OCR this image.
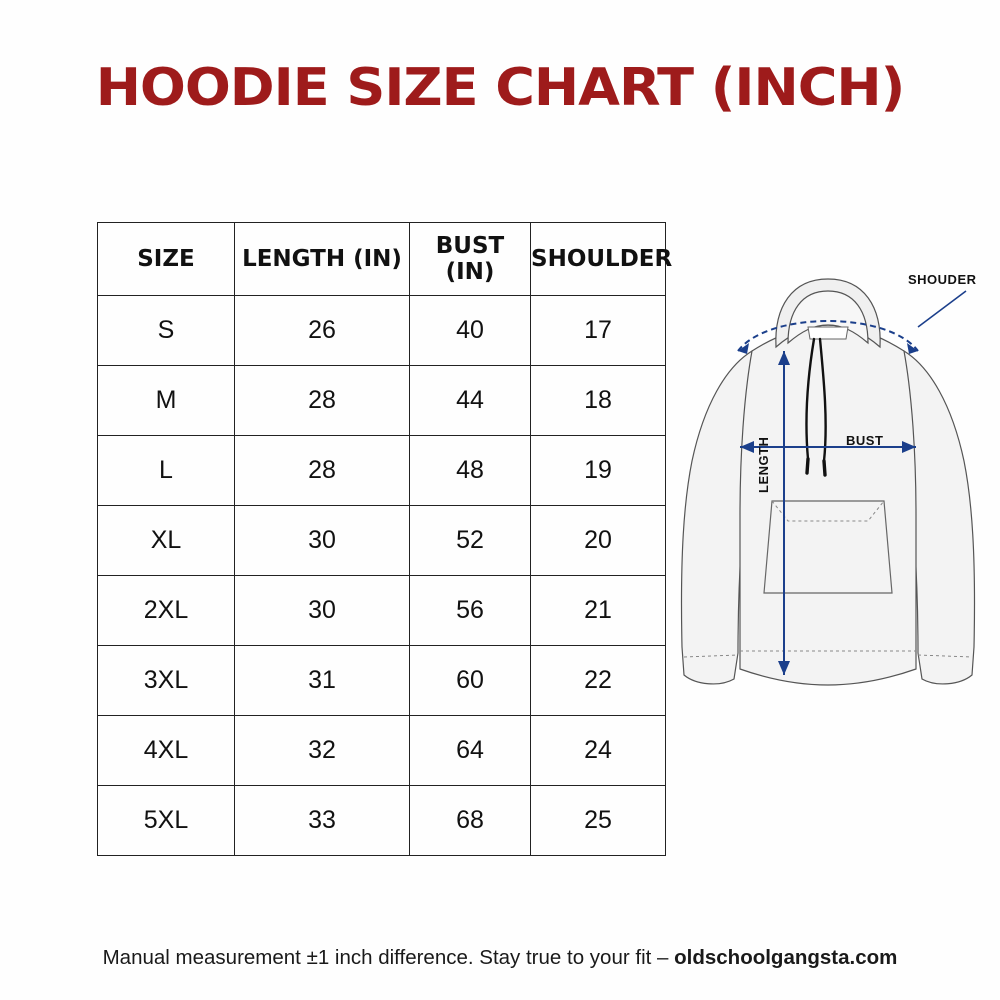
HOODIE SIZE CHART (INCH)
SIZE	LENGTH (IN)	BUST (IN)	SHOULDER
S	26	40	17
M	28	44	18
L	28	48	19
XL	30	52	20
2XL	30	56	21
3XL	31	60	22
4XL	32	64	24
5XL	33	68	25
SHOUDER
BUST
LENGTH
Manual measurement ±1 inch difference. Stay true to your fit – oldschoolgangsta.com
